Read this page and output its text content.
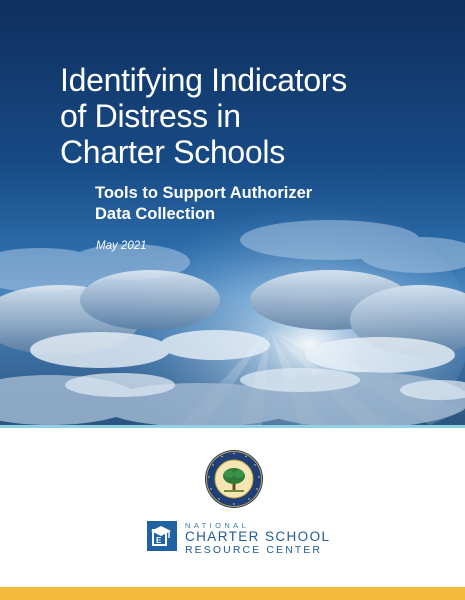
Identifying Indicators
of Distress in
Charter Schools
Tools to Support Authorizer
Data Collection
May 2021
E
NATIONAL
CHARTER SCHOOL
RESOURCE CENTER
